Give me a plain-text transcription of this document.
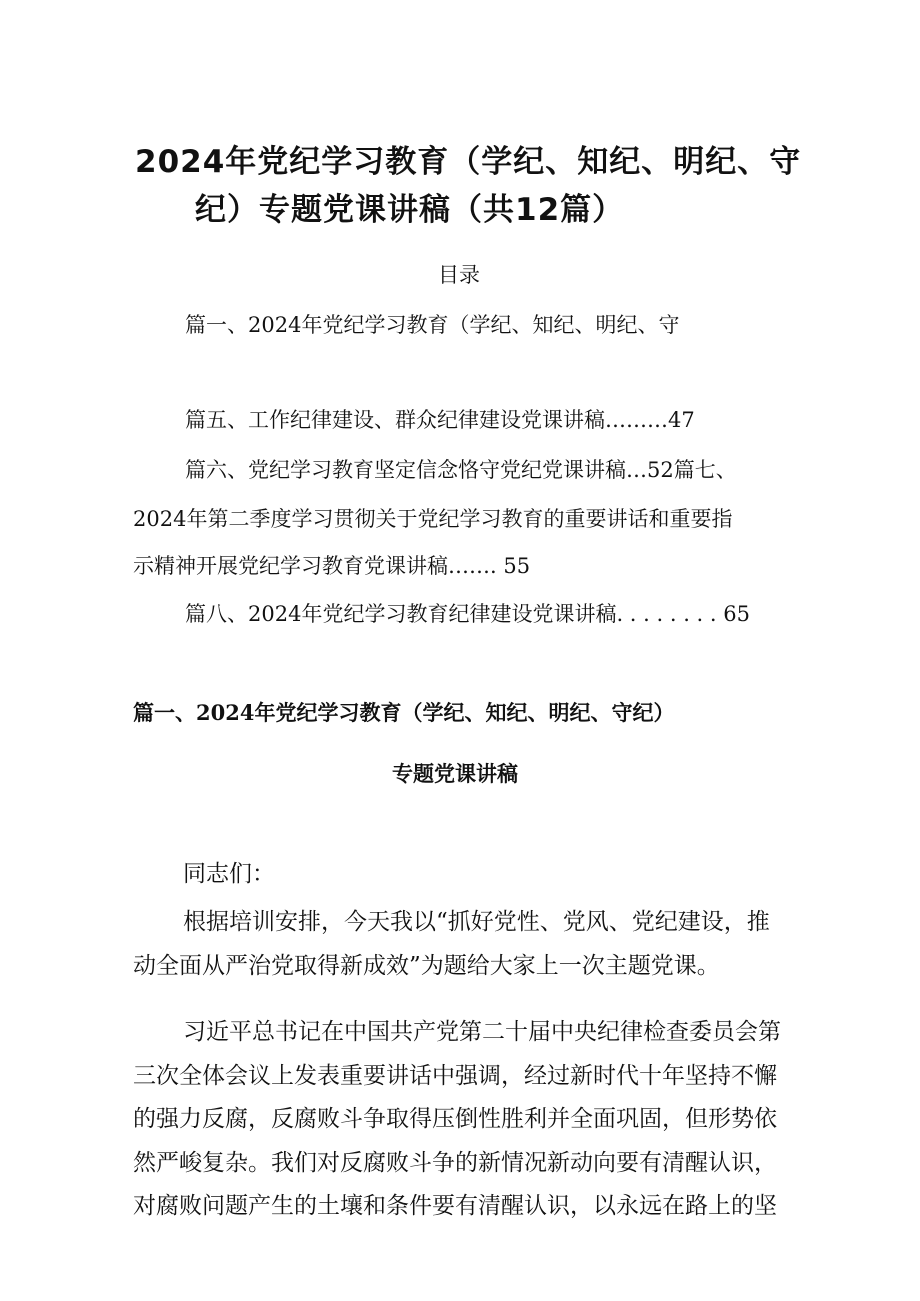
2024年党纪学习教育（学纪、知纪、明纪、守

纪）专题党课讲稿（共12篇）

目录

篇一、2024年党纪学习教育（学纪、知纪、明纪、守

篇五、工作纪律建设、群众纪律建设党课讲稿………47

篇六、党纪学习教育坚定信念恪守党纪党课讲稿…52篇七、

2024年第二季度学习贯彻关于党纪学习教育的重要讲话和重要指

示精神开展党纪学习教育党课讲稿……. 55

篇八、2024年党纪学习教育纪律建设党课讲稿. . . . . . . . 65

篇一、2024年党纪学习教育（学纪、知纪、明纪、守纪）

专题党课讲稿

同志们：

根据培训安排，今天我以“抓好党性、党风、党纪建设，推

动全面从严治党取得新成效”为题给大家上一次主题党课。

习近平总书记在中国共产党第二十届中央纪律检查委员会第

三次全体会议上发表重要讲话中强调，经过新时代十年坚持不懈

的强力反腐，反腐败斗争取得压倒性胜利并全面巩固，但形势依

然严峻复杂。我们对反腐败斗争的新情况新动向要有清醒认识，

对腐败问题产生的土壤和条件要有清醒认识，以永远在路上的坚
